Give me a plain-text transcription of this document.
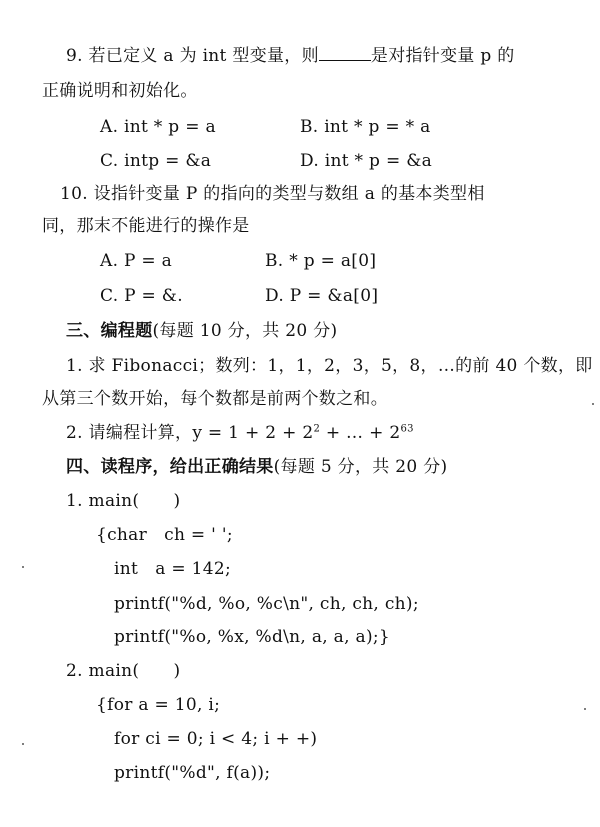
9. 若已定义 a 为 int 型变量，则	是对指针变量 p 的
正确说明和初始化。
A. int * p = a	B. int * p = * a
C. intp = &a	D. int * p = &a
10. 设指针变量 P 的指向的类型与数组 a 的基本类型相
同，那末不能进行的操作是
A. P = a	B. * p = a[0]
C. P = &.	D. P = &a[0]
三、编程题(每题 10 分，共 20 分)
1. 求 Fibonacci；数列：1，1，2，3，5，8，…的前 40 个数，即
从第三个数开始，每个数都是前两个数之和。
2. 请编程计算，$y = 1 + 2 + 2^2$ + … + $2^{63}$
四、读程序，给出正确结果(每题 5 分，共 20 分)
1. main(      )
{char   ch = ' ';
int   a = 142;
printf("%d, %o, %c\n", ch, ch, ch);
printf("%o, %x, %d\n, a, a, a);}
2. main(      )
{for a = 10, i;
for ci = 0; i < 4; i + +)
printf("%d", f(a));
